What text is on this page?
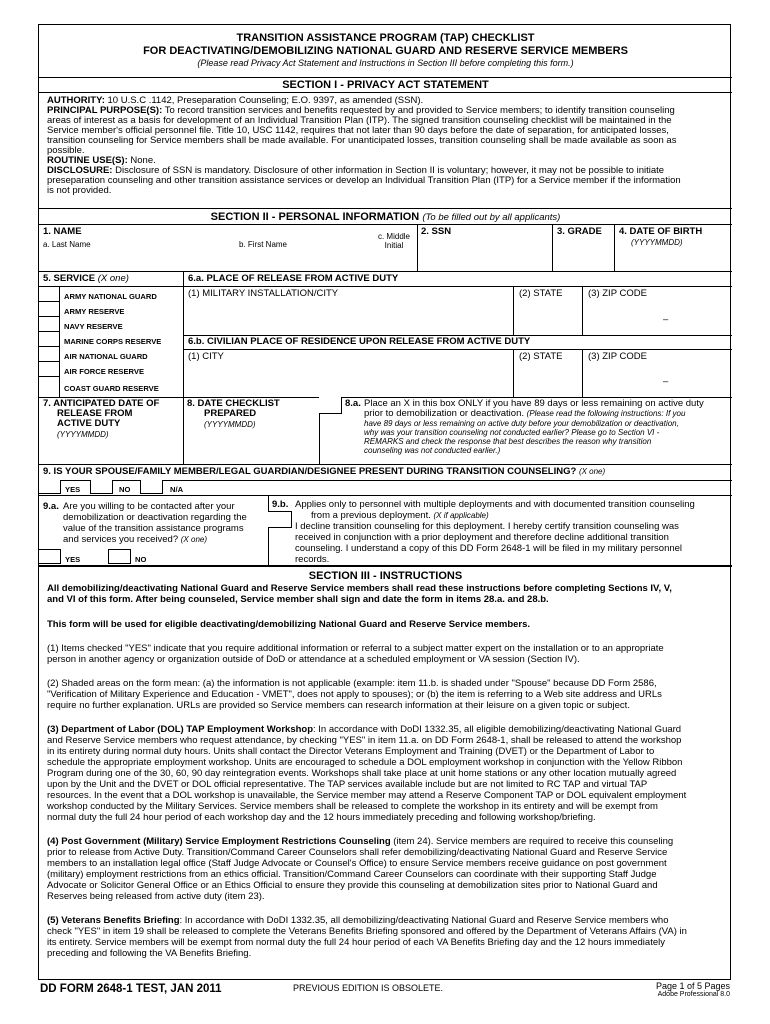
TRANSITION ASSISTANCE PROGRAM (TAP) CHECKLIST
FOR DEACTIVATING/DEMOBILIZING NATIONAL GUARD AND RESERVE SERVICE MEMBERS
(Please read Privacy Act Statement and Instructions in Section III before completing this form.)
SECTION I - PRIVACY ACT STATEMENT
AUTHORITY: 10 U.S.C .1142, Preseparation Counseling; E.O. 9397, as amended (SSN).
PRINCIPAL PURPOSE(S): To record transition services and benefits requested by and provided to Service members; to identify transition counseling
areas of interest as a basis for development of an Individual Transition Plan (ITP). The signed transition counseling checklist will be maintained in the
Service member's official personnel file. Title 10, USC 1142, requires that not later than 90 days before the date of separation, for anticipated losses,
transition counseling for Service members shall be made available. For unanticipated losses, transition counseling shall be made available as soon as
possible.
ROUTINE USE(S): None.
DISCLOSURE: Disclosure of SSN is mandatory. Disclosure of other information in Section II is voluntary; however, it may not be possible to initiate
preseparation counseling and other transition assistance services or develop an Individual Transition Plan (ITP) for a Service member if the information
is not provided.
SECTION II - PERSONAL INFORMATION (To be filled out by all applicants)
1. NAME
a. Last Name	b. First Name
c. Middle
Initial
2. SSN	3. GRADE 4. DATE OF BIRTH
(YYYYMMDD)
5. SERVICE (X one)
ARMY NATIONAL GUARD
ARMY RESERVE
NAVY RESERVE
MARINE CORPS RESERVE
AIR NATIONAL GUARD
AIR FORCE RESERVE
COAST GUARD RESERVE
6.a. PLACE OF RELEASE FROM ACTIVE DUTY
(1) MILITARY INSTALLATION/CITY	(2) STATE	(3) ZIP CODE
–
6.b. CIVILIAN PLACE OF RESIDENCE UPON RELEASE FROM ACTIVE DUTY
(1) CITY	(2) STATE	(3) ZIP CODE
–
7. ANTICIPATED DATE OF
RELEASE FROM
ACTIVE DUTY
(YYYYMMDD)
8. DATE CHECKLIST
PREPARED
(YYYYMMDD)
8.a. Place an X in this box ONLY if you have 89 days or less remaining on active duty
prior to demobilization or deactivation. (Please read the following instructions: If you
have 89 days or less remaining on active duty before your demobilization or deactivation,
why was your transition counseling not conducted earlier? Please go to Section VI -
REMARKS and check the response that best describes the reason why transition
counseling was not conducted earlier.)
9. IS YOUR SPOUSE/FAMILY MEMBER/LEGAL GUARDIAN/DESIGNEE PRESENT DURING TRANSITION COUNSELING? (X one)
YES	NO	N/A
9.a. Are you willing to be contacted after your
demobilization or deactivation regarding the
value of the transition assistance programs
and services you received? (X one)
YES	NO
9.b. Applies only to personnel with multiple deployments and with documented transition counseling
from a previous deployment. (X if applicable)
I decline transition counseling for this deployment. I hereby certify transition counseling was
received in conjunction with a prior deployment and therefore decline additional transition
counseling. I understand a copy of this DD Form 2648-1 will be filed in my military personnel
records.
SECTION III - INSTRUCTIONS
All demobilizing/deactivating National Guard and Reserve Service members shall read these instructions before completing Sections IV, V,
and VI of this form. After being counseled, Service member shall sign and date the form in items 28.a. and 28.b.
This form will be used for eligible deactivating/demobilizing National Guard and Reserve Service members.
(1) Items checked "YES" indicate that you require additional information or referral to a subject matter expert on the installation or to an appropriate
person in another agency or organization outside of DoD or attendance at a scheduled employment or VA session (Section IV).
(2) Shaded areas on the form mean: (a) the information is not applicable (example: item 11.b. is shaded under "Spouse" because DD Form 2586,
"Verification of Military Experience and Education - VMET", does not apply to spouses); or (b) the item is referring to a Web site address and URLs
require no further explanation. URLs are provided so Service members can research information at their leisure on a given topic or subject.
(3) Department of Labor (DOL) TAP Employment Workshop: In accordance with DoDI 1332.35, all eligible demobilizing/deactivating National Guard
and Reserve Service members who request attendance, by checking "YES" in item 11.a. on DD Form 2648-1, shall be released to attend the workshop
in its entirety during normal duty hours. Units shall contact the Director Veterans Employment and Training (DVET) or the Department of Labor to
schedule the appropriate employment workshop. Units are encouraged to schedule a DOL employment workshop in conjunction with the Yellow Ribbon
Program during one of the 30, 60, 90 day reintegration events. Workshops shall take place at unit home stations or any other location mutually agreed
upon by the Unit and the DVET or DOL official representative. The TAP services available include but are not limited to RC TAP and virtual TAP
resources. In the event that a DOL workshop is unavailable, the Service member may attend a Reserve Component TAP or DOL equivalent employment
workshop conducted by the Military Services. Service members shall be released to complete the workshop in its entirety and will be exempt from
normal duty the full 24 hour period of each workshop day and the 12 hours immediately preceding and following workshop/briefing.
(4) Post Government (Military) Service Employment Restrictions Counseling (item 24). Service members are required to receive this counseling
prior to release from Active Duty. Transition/Command Career Counselors shall refer demobilizing/deactivating National Guard and Reserve Service
members to an installation legal office (Staff Judge Advocate or Counsel's Office) to ensure Service members receive guidance on post government
(military) employment restrictions from an ethics official. Transition/Command Career Counselors can coordinate with their supporting Staff Judge
Advocate or Solicitor General Office or an Ethics Official to ensure they provide this counseling at demobilization sites prior to National Guard and
Reserves being released from active duty (item 23).
(5) Veterans Benefits Briefing: In accordance with DoDI 1332.35, all demobilizing/deactivating National Guard and Reserve Service members who
check "YES" in item 19 shall be released to complete the Veterans Benefits Briefing sponsored and offered by the Department of Veterans Affairs (VA) in
its entirety. Service members will be exempt from normal duty the full 24 hour period of each VA Benefits Briefing day and the 12 hours immediately
preceding and following the VA Benefits Briefing.
DD FORM 2648-1 TEST, JAN 2011	PREVIOUS EDITION IS OBSOLETE.	Page 1 of 5 Pages
Adobe Professional 8.0
